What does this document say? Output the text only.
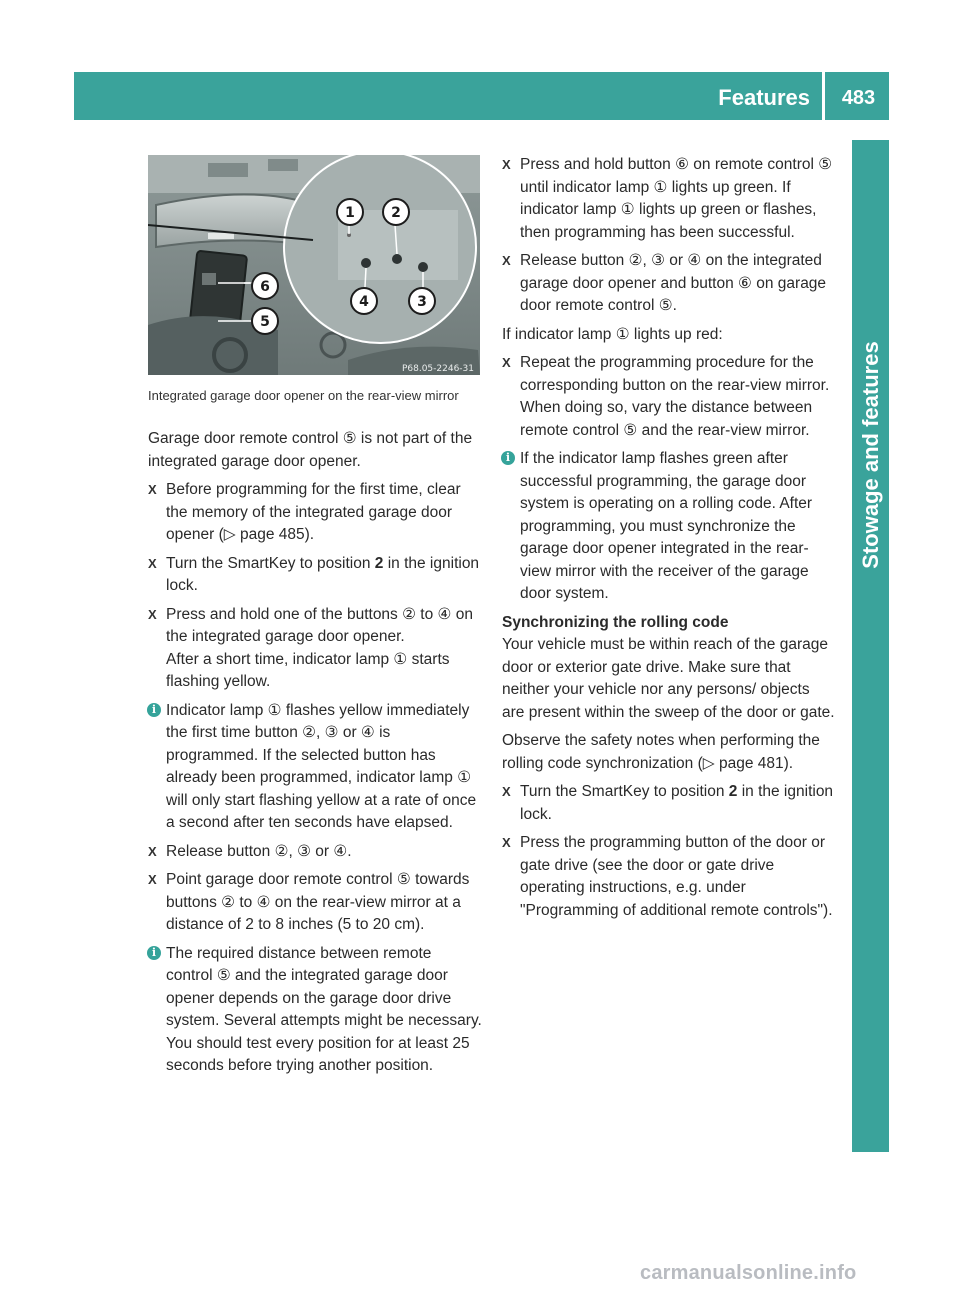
Features	483
Stowage and features
1	2
3
4
5
6
P68.05-2246-31
Integrated garage door opener on the rear-view mirror

Garage door remote control ⑤ is not part of the integrated garage door opener.

X Before programming for the first time, clear the memory of the integrated garage door opener (▷ page 485).
X Turn the SmartKey to position 2 in the ignition lock.
X Press and hold one of the buttons ② to ④ on the integrated garage door opener.
After a short time, indicator lamp ① starts flashing yellow.
i Indicator lamp ① flashes yellow immediately the first time button ②, ③ or ④ is programmed. If the selected button has already been programmed, indicator lamp ① will only start flashing yellow at a rate of once a second after ten seconds have elapsed.
X Release button ②, ③ or ④.
X Point garage door remote control ⑤ towards buttons ② to ④ on the rear-view mirror at a distance of 2 to 8 inches (5 to 20 cm).
i The required distance between remote control ⑤ and the integrated garage door opener depends on the garage door drive system. Several attempts might be necessary. You should test every position for at least 25 seconds before trying another position.
X Press and hold button ⑥ on remote control ⑤ until indicator lamp ① lights up green. If indicator lamp ① lights up green or flashes, then programming has been successful.
X Release button ②, ③ or ④ on the integrated garage door opener and button ⑥ on garage door remote control ⑤.

If indicator lamp ① lights up red:

X Repeat the programming procedure for the corresponding button on the rear-view mirror. When doing so, vary the distance between remote control ⑤ and the rear-view mirror.
i If the indicator lamp flashes green after successful programming, the garage door system is operating on a rolling code. After programming, you must synchronize the garage door opener integrated in the rear-view mirror with the receiver of the garage door system.

Synchronizing the rolling code

Your vehicle must be within reach of the garage door or exterior gate drive. Make sure that neither your vehicle nor any persons/ objects are present within the sweep of the door or gate.

Observe the safety notes when performing the rolling code synchronization (▷ page 481).

X Turn the SmartKey to position 2 in the ignition lock.
X Press the programming button of the door or gate drive (see the door or gate drive operating instructions, e.g. under "Programming of additional remote controls").
carmanualsonline.info
